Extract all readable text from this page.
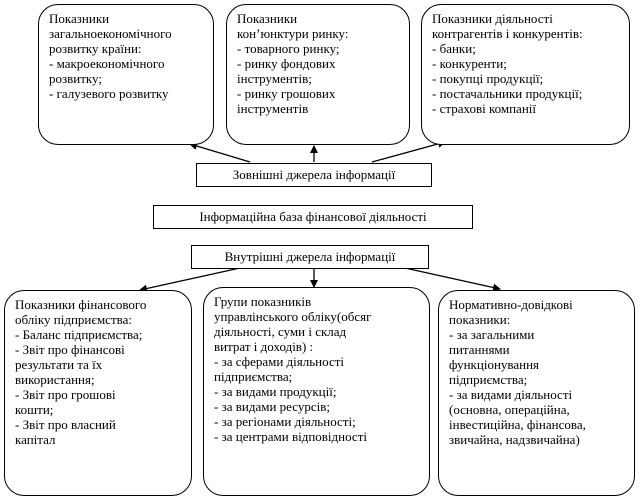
Показники
загальноекономічного
розвитку країни:
- макроекономічного
розвитку;
- галузевого розвитку
Показники
кон’юнктури ринку:
- товарного ринку;
- ринку фондових
інструментів;
- ринку грошових
інструментів
Показники діяльності
контрагентів і конкурентів:
- банки;
- конкуренти;
- покупці продукції;
- постачальники продукції;
- страхові компанії
Зовнішні джерела інформації
Інформаційна база фінансової діяльності
Внутрішні джерела інформації
Показники фінансового
обліку підприємства:
- Баланс підприємства;
- Звіт про фінансові
результати та їх
використання;
- Звіт про грошові
кошти;
- Звіт про власний
капітал
Групи показників
управлінського обліку(обсяг
діяльності, суми і склад
витрат і доходів) :
- за сферами діяльності
підприємства;
- за видами продукції;
- за видами ресурсів;
- за регіонами діяльності;
- за центрами відповідності
Нормативно-довідкові
показники:
- за загальними
питаннями
функціонування
підприємства;
- за видами діяльності
(основна, операційна,
інвестиційна, фінансова,
звичайна, надзвичайна)
